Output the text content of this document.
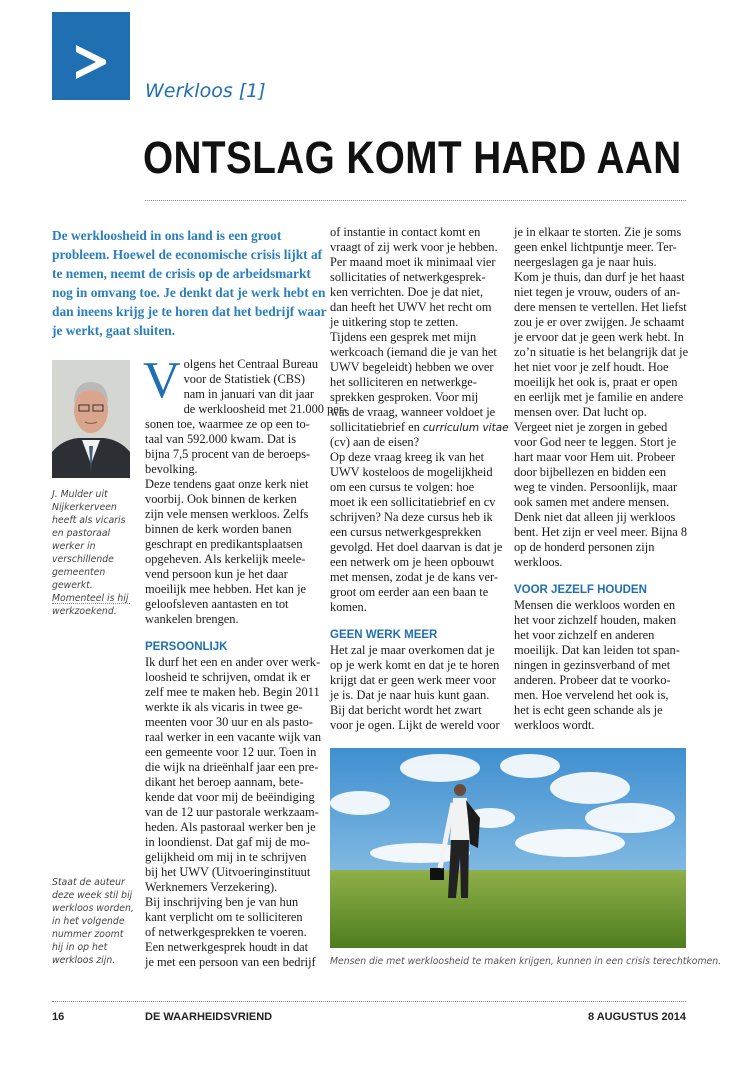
Werkloos [1]
ONTSLAG KOMT HARD AAN
De werkloosheid in ons land is een groot probleem. Hoewel de economische crisis lijkt af te nemen, neemt de crisis op de arbeidsmarkt nog in omvang toe. Je denkt dat je werk hebt en dan ineens krijg je te horen dat het bedrijf waar je werkt, gaat sluiten.
J. Mulder uit Nijkerkerveen heeft als vicaris en pastoraal werker in verschillende gemeenten gewerkt. Momenteel is hij werkzoekend.
Staat de auteur deze week stil bij werkloos worden, in het volgende nummer zoomt hij in op het werkloos zijn.
V olgens het Centraal Bureau
voor de Statistiek (CBS)
nam in januari van dit jaar
de werkloosheid met 21.000 per-
sonen toe, waarmee ze op een to-
taal van 592.000 kwam. Dat is
bijna 7,5 procent van de beroeps-
bevolking.
Deze tendens gaat onze kerk niet
voorbij. Ook binnen de kerken
zijn vele mensen werkloos. Zelfs
binnen de kerk worden banen
geschrapt en predikantsplaatsen
opgeheven. Als kerkelijk meele-
vend persoon kun je het daar
moeilijk mee hebben. Het kan je
geloofsleven aantasten en tot
wankelen brengen.
PERSOONLIJK
Ik durf het een en ander over werk-
loosheid te schrijven, omdat ik er
zelf mee te maken heb. Begin 2011
werkte ik als vicaris in twee ge-
meenten voor 30 uur en als pasto-
raal werker in een vacante wijk van
een gemeente voor 12 uur. Toen in
die wijk na drieënhalf jaar een pre-
dikant het beroep aannam, bete-
kende dat voor mij de beëindiging
van de 12 uur pastorale werkzaam-
heden. Als pastoraal werker ben je
in loondienst. Dat gaf mij de mo-
gelijkheid om mij in te schrijven
bij het UWV (Uitvoeringinstituut
Werknemers Verzekering).
Bij inschrijving ben je van hun
kant verplicht om te solliciteren
of netwerkgesprekken te voeren.
Een netwerkgesprek houdt in dat
je met een persoon van een bedrijf
of instantie in contact komt en
vraagt of zij werk voor je hebben.
Per maand moet ik minimaal vier
sollicitaties of netwerkgesprek-
ken verrichten. Doe je dat niet,
dan heeft het UWV het recht om
je uitkering stop te zetten.
Tijdens een gesprek met mijn
werkcoach (iemand die je van het
UWV begeleidt) hebben we over
het solliciteren en netwerkge-
sprekken gesproken. Voor mij
was de vraag, wanneer voldoet je
sollicitatiebrief en curriculum vitae
(cv) aan de eisen?
Op deze vraag kreeg ik van het
UWV kosteloos de mogelijkheid
om een cursus te volgen: hoe
moet ik een sollicitatiebrief en cv
schrijven? Na deze cursus heb ik
een cursus netwerkgesprekken
gevolgd. Het doel daarvan is dat je
een netwerk om je heen opbouwt
met mensen, zodat je de kans ver-
groot om eerder aan een baan te
komen.
GEEN WERK MEER
Het zal je maar overkomen dat je
op je werk komt en dat je te horen
krijgt dat er geen werk meer voor
je is. Dat je naar huis kunt gaan.
Bij dat bericht wordt het zwart
voor je ogen. Lijkt de wereld voor
je in elkaar te storten. Zie je soms
geen enkel lichtpuntje meer. Ter-
neergeslagen ga je naar huis.
Kom je thuis, dan durf je het haast
niet tegen je vrouw, ouders of an-
dere mensen te vertellen. Het liefst
zou je er over zwijgen. Je schaamt
je ervoor dat je geen werk hebt. In
zo’n situatie is het belangrijk dat je
het niet voor je zelf houdt. Hoe
moeilijk het ook is, praat er open
en eerlijk met je familie en andere
mensen over. Dat lucht op.
Vergeet niet je zorgen in gebed
voor God neer te leggen. Stort je
hart maar voor Hem uit. Probeer
door bijbellezen en bidden een
weg te vinden. Persoonlijk, maar
ook samen met andere mensen.
Denk niet dat alleen jij werkloos
bent. Het zijn er veel meer. Bijna 8
op de honderd personen zijn
werkloos.
VOOR JEZELF HOUDEN
Mensen die werkloos worden en
het voor zichzelf houden, maken
het voor zichzelf en anderen
moeilijk. Dat kan leiden tot span-
ningen in gezinsverband of met
anderen. Probeer dat te voorko-
men. Hoe vervelend het ook is,
het is echt geen schande als je
werkloos wordt.
Mensen die met werkloosheid te maken krijgen, kunnen in een crisis terechtkomen.
16	DE WAARHEIDSVRIEND	8 AUGUSTUS 2014
